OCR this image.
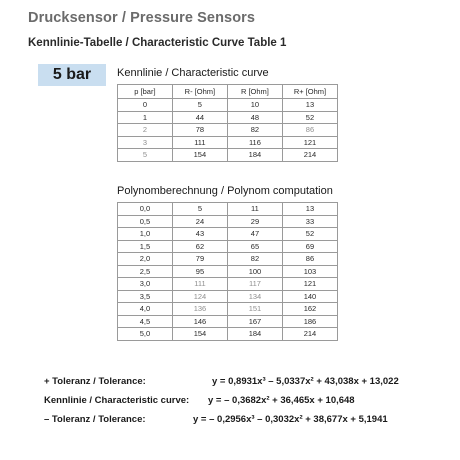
Drucksensor / Pressure Sensors
Kennlinie-Tabelle / Characteristic Curve Table 1
5 bar	Kennlinie / Characteristic curve
p [bar]	R- [Ohm]	R [Ohm]	R+ [Ohm]
0	5	10	13
1	44	48	52
2	78	82	86
3	111	116	121
5	154	184	214
Polynomberechnung / Polynom computation
0,0	5	11	13
0,5	24	29	33
1,0	43	47	52
1,5	62	65	69
2,0	79	82	86
2,5	95	100	103
3,0	111	117	121
3,5	124	134	140
4,0	136	151	162
4,5	146	167	186
5,0	154	184	214
+ Toleranz / Tolerance:	y = 0,8931x³ – 5,0337x² + 43,038x + 13,022
Kennlinie / Characteristic curve: y = – 0,3682x² + 36,465x + 10,648
– Toleranz / Tolerance:	y = – 0,2956x³ – 0,3032x² + 38,677x + 5,1941
